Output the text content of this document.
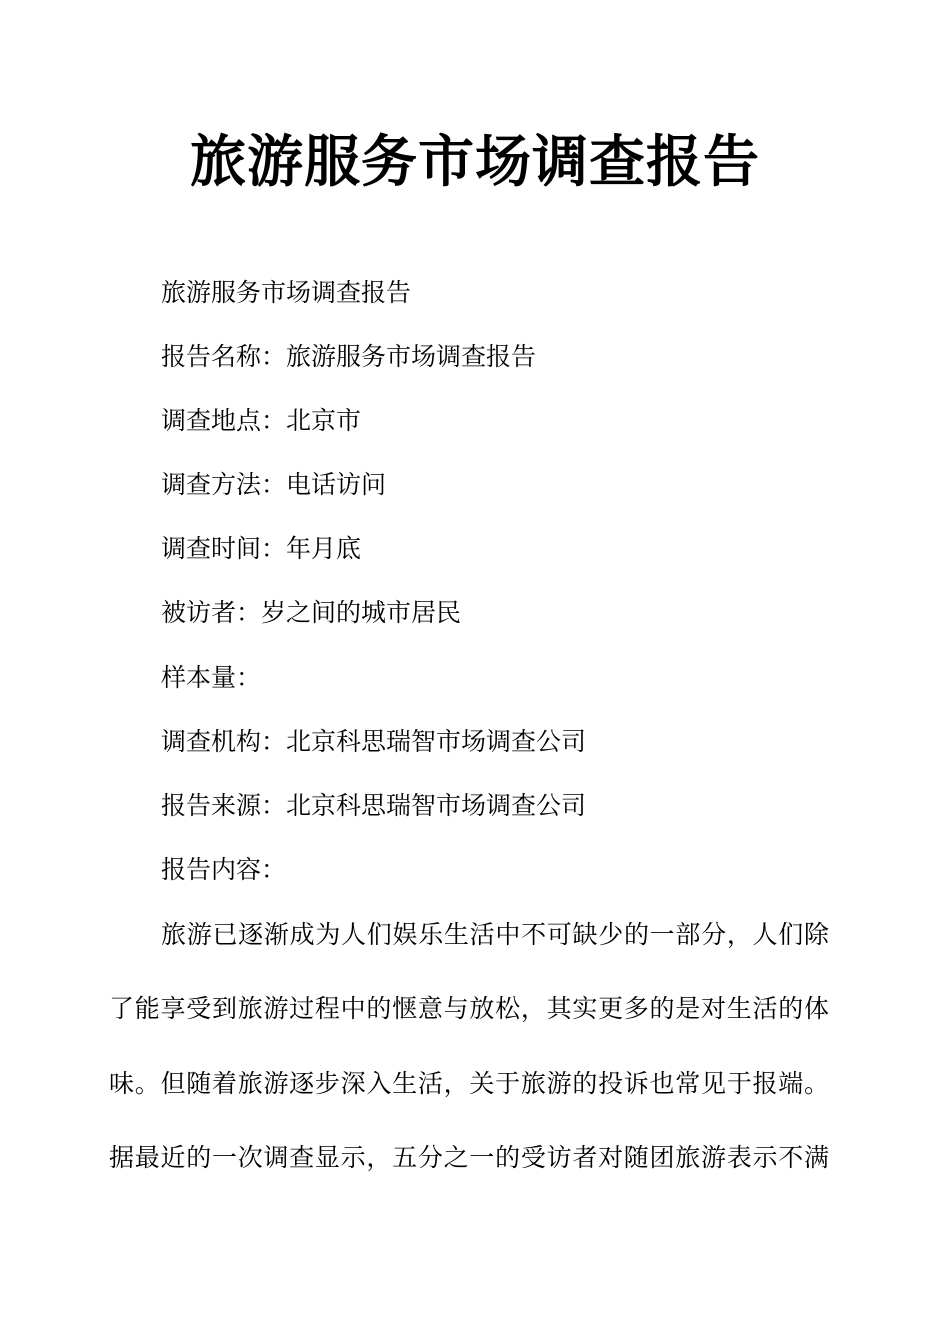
旅游服务市场调查报告
旅游服务市场调查报告
报告名称：旅游服务市场调查报告
调查地点：北京市
调查方法：电话访问
调查时间：年月底
被访者：岁之间的城市居民
样本量：
调查机构：北京科思瑞智市场调查公司
报告来源：北京科思瑞智市场调查公司
报告内容：
旅游已逐渐成为人们娱乐生活中不可缺少的一部分，人们除
了能享受到旅游过程中的惬意与放松，其实更多的是对生活的体
味。但随着旅游逐步深入生活，关于旅游的投诉也常见于报端。
据最近的一次调查显示，五分之一的受访者对随团旅游表示不满
